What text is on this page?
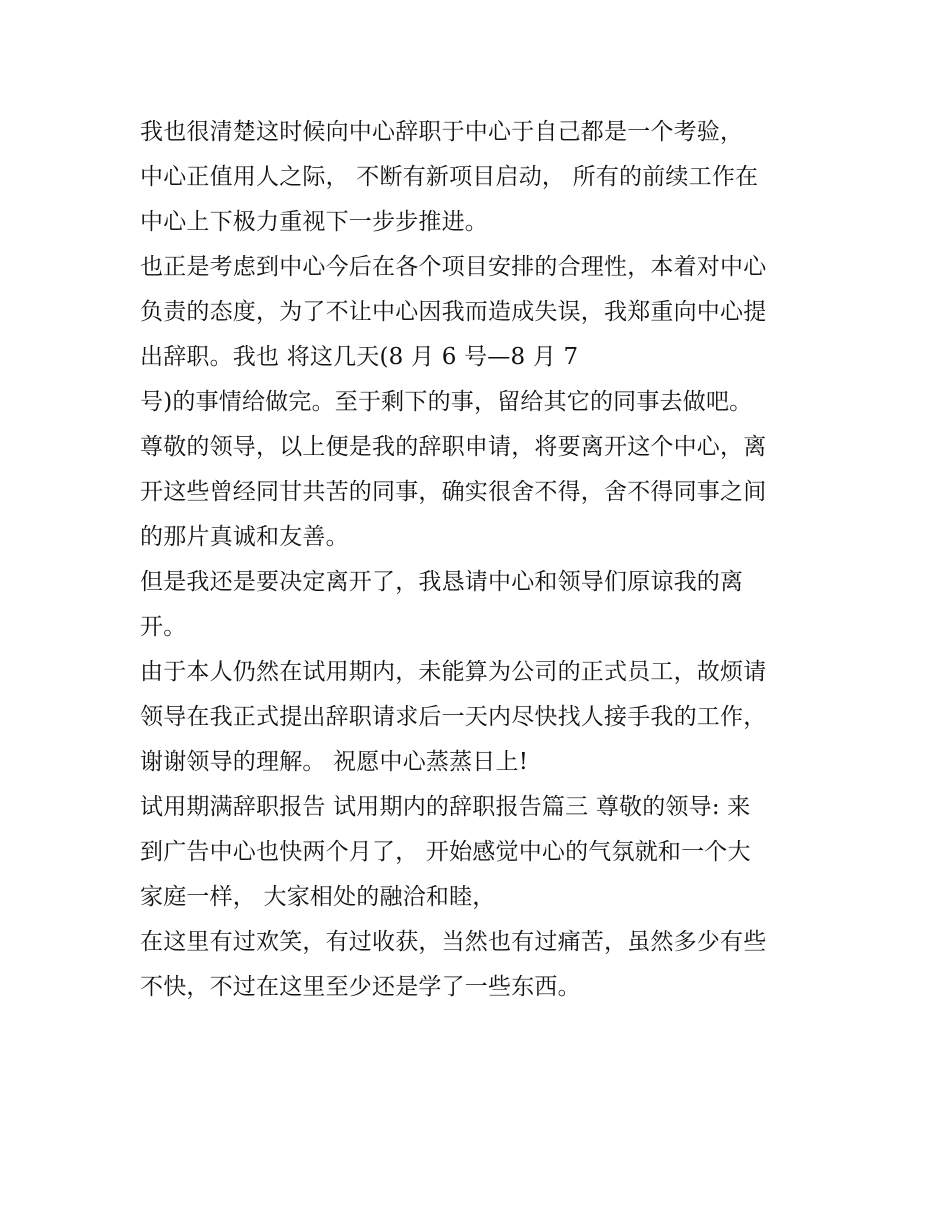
我也很清楚这时候向中心辞职于中心于自己都是一个考验，
中心正值用人之际， 不断有新项目启动， 所有的前续工作在
中心上下极力重视下一步步推进。
也正是考虑到中心今后在各个项目安排的合理性，本着对中心
负责的态度，为了不让中心因我而造成失误，我郑重向中心提
出辞职。我也 将这几天(8 月 6 号—8 月 7
号)的事情给做完。至于剩下的事，留给其它的同事去做吧。
尊敬的领导，以上便是我的辞职申请，将要离开这个中心，离
开这些曾经同甘共苦的同事，确实很舍不得，舍不得同事之间
的那片真诚和友善。
但是我还是要决定离开了，我恳请中心和领导们原谅我的离
开。
由于本人仍然在试用期内，未能算为公司的正式员工，故烦请
领导在我正式提出辞职请求后一天内尽快找人接手我的工作，
谢谢领导的理解。 祝愿中心蒸蒸日上!
试用期满辞职报告 试用期内的辞职报告篇三 尊敬的领导: 来
到广告中心也快两个月了， 开始感觉中心的气氛就和一个大
家庭一样， 大家相处的融洽和睦，
在这里有过欢笑，有过收获，当然也有过痛苦，虽然多少有些
不快，不过在这里至少还是学了一些东西。
